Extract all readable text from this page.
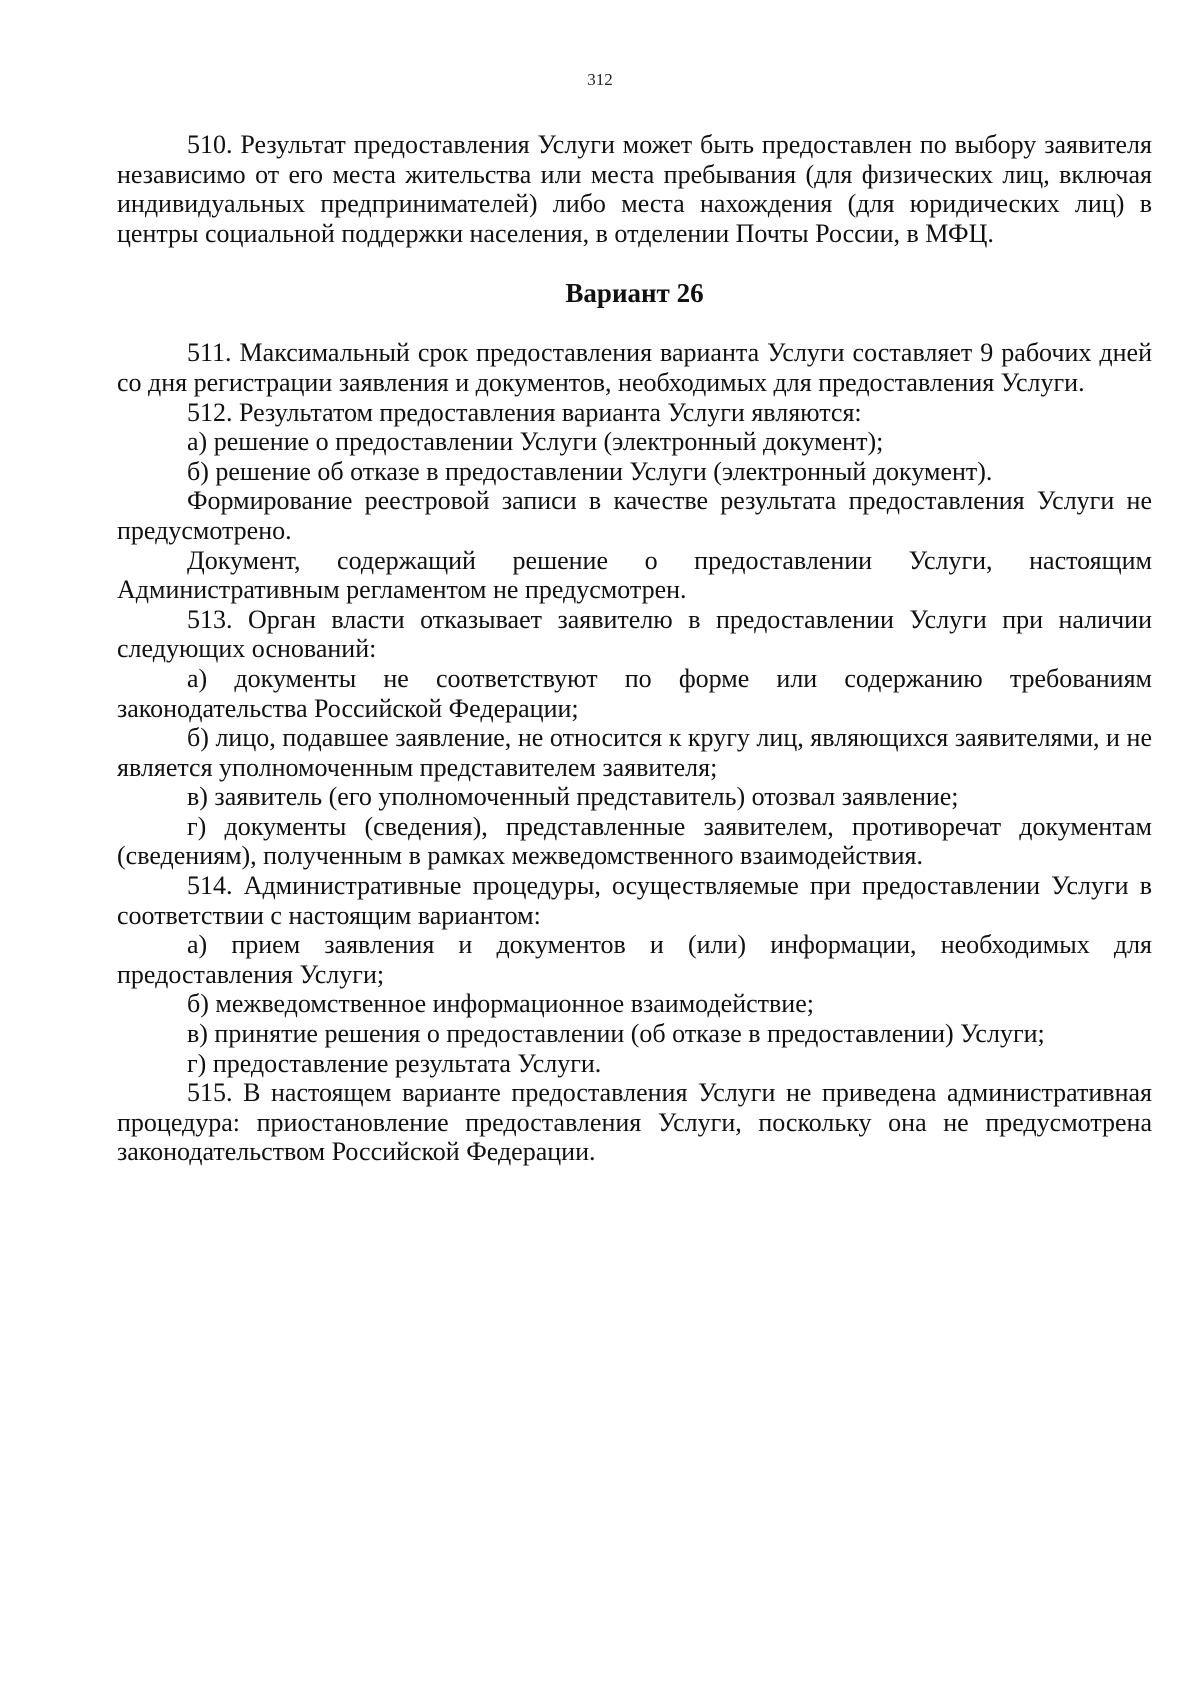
312

510. Результат предоставления Услуги может быть предоставлен по выбору заявителя независимо от его места жительства или места пребывания (для физических лиц, включая индивидуальных предпринимателей) либо места нахождения (для юридических лиц) в центры социальной поддержки населения, в отделении Почты России, в МФЦ.

Вариант 26

511. Максимальный срок предоставления варианта Услуги составляет 9 рабочих дней со дня регистрации заявления и документов, необходимых для предоставления Услуги.

512. Результатом предоставления варианта Услуги являются:

а) решение о предоставлении Услуги (электронный документ);

б) решение об отказе в предоставлении Услуги (электронный документ).

Формирование реестровой записи в качестве результата предоставления Услуги не предусмотрено.

Документ, содержащий решение о предоставлении Услуги, настоящим Административным регламентом не предусмотрен.

513. Орган власти отказывает заявителю в предоставлении Услуги при наличии следующих оснований:

а) документы не соответствуют по форме или содержанию требованиям законодательства Российской Федерации;

б) лицо, подавшее заявление, не относится к кругу лиц, являющихся заявителями, и не является уполномоченным представителем заявителя;

в) заявитель (его уполномоченный представитель) отозвал заявление;

г) документы (сведения), представленные заявителем, противоречат документам (сведениям), полученным в рамках межведомственного взаимодействия.

514. Административные процедуры, осуществляемые при предоставлении Услуги в соответствии с настоящим вариантом:

а) прием заявления и документов и (или) информации, необходимых для предоставления Услуги;

б) межведомственное информационное взаимодействие;

в) принятие решения о предоставлении (об отказе в предоставлении) Услуги;

г) предоставление результата Услуги.

515. В настоящем варианте предоставления Услуги не приведена административная процедура: приостановление предоставления Услуги, поскольку она не предусмотрена законодательством Российской Федерации.
